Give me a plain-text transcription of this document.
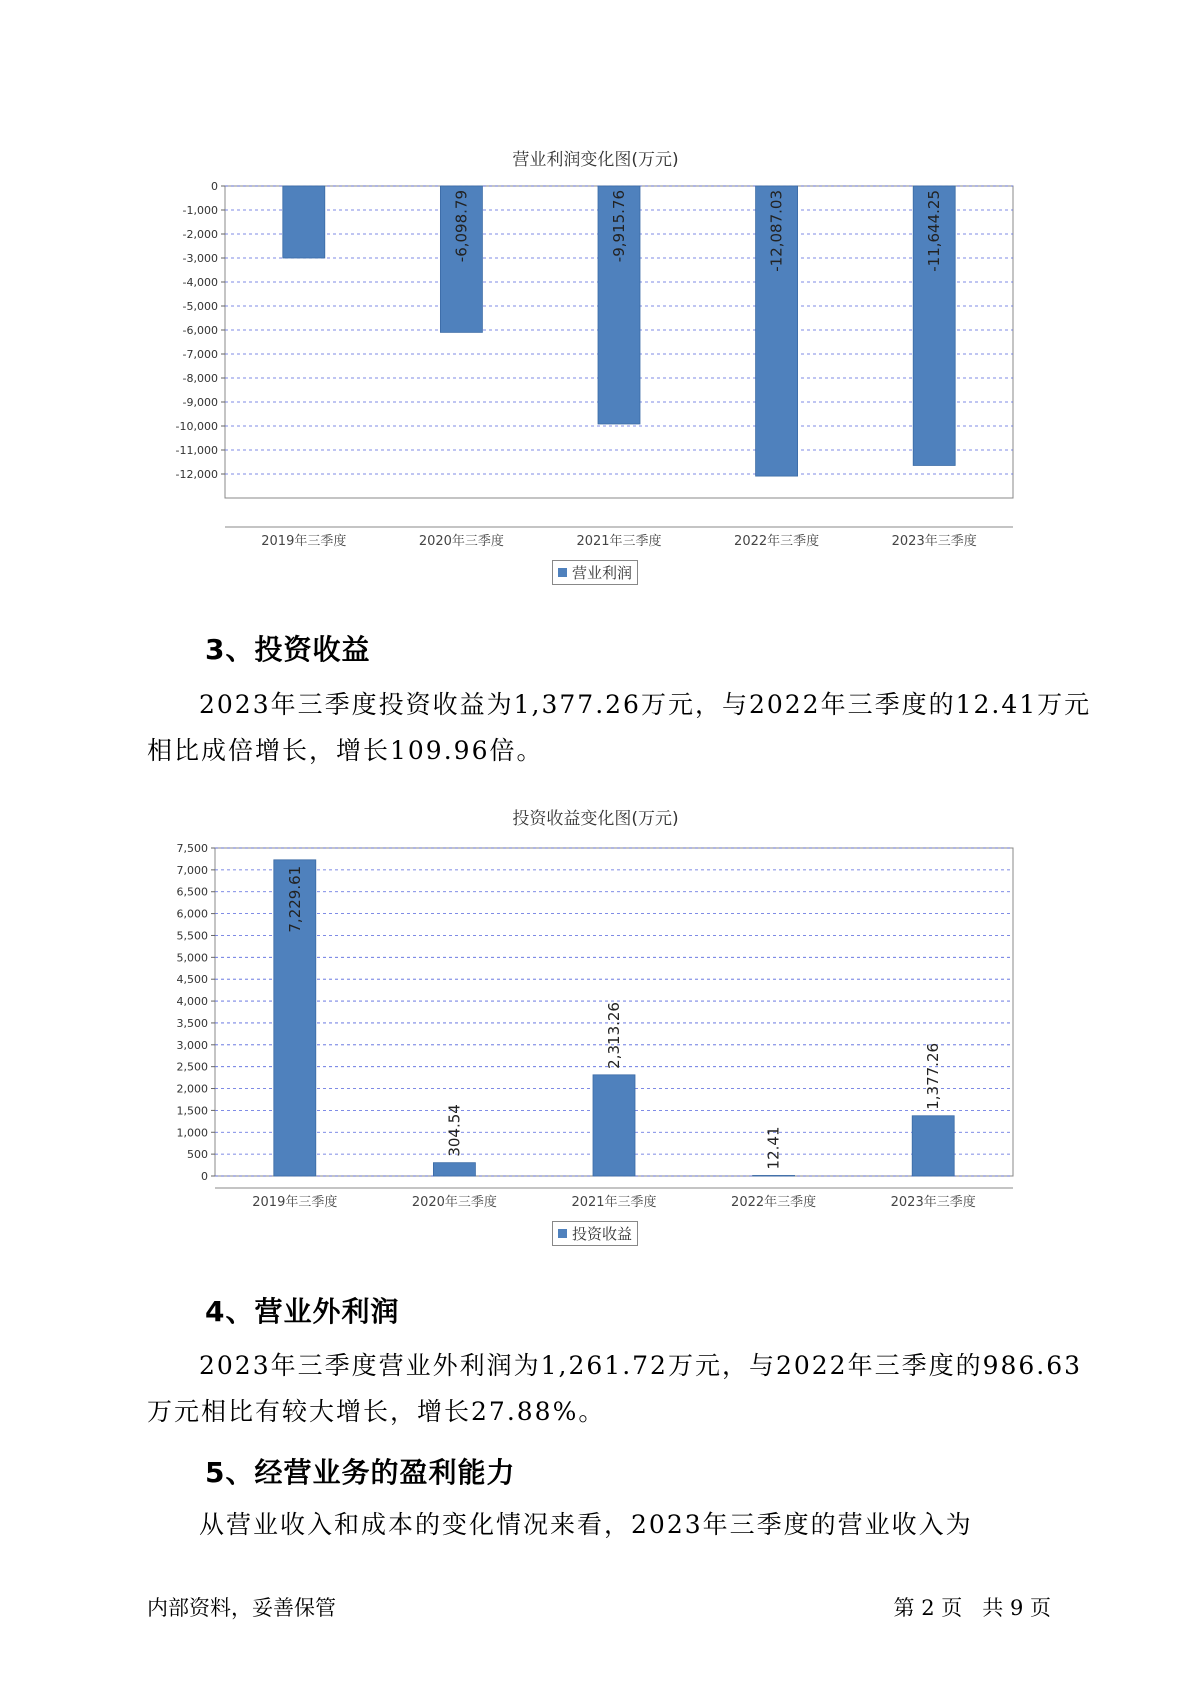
营业利润变化图(万元)
0
-1,000
-2,000
-3,000
-4,000
-5,000
-6,000
-7,000
-8,000
-9,000
-10,000
-11,000
-12,000
2019年三季度	2020年三季度
-6,098.79
2021年三季度
-9,915.76
2022年三季度
-12,087.03
2023年三季度
-11,644.25
营业利润
3、投资收益
2023年三季度投资收益为1,377.26万元，与2022年三季度的12.41万元
相比成倍增长，增长109.96倍。
投资收益变化图(万元)
7,500
7,000
6,500
6,000
5,500
5,000
4,500
4,000
3,500
3,000
2,500
2,000
1,500
1,000
500
0
2019年三季度
7,229.61
2020年三季度
304.54
2021年三季度
2,313.26
2022年三季度
12.41
2023年三季度
1,377.26
投资收益
4、营业外利润
2023年三季度营业外利润为1,261.72万元，与2022年三季度的986.63
万元相比有较大增长，增长27.88%。
5、经营业务的盈利能力
从营业收入和成本的变化情况来看，2023年三季度的营业收入为
内部资料，妥善保管	第 2 页   共 9 页
